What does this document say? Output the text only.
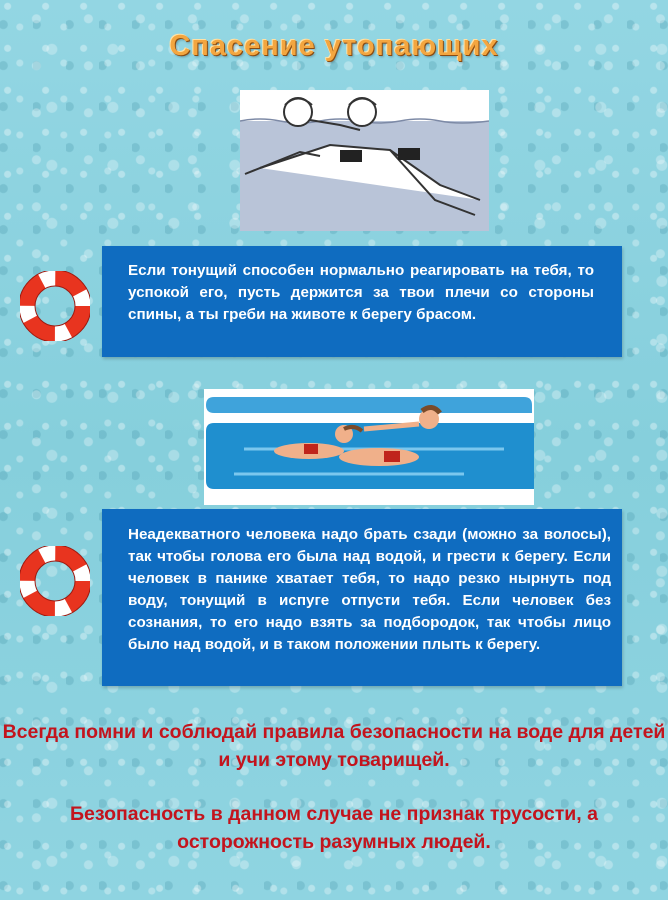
Спасение утопающих
Если тонущий способен нормально реагировать на тебя, то успокой его, пусть держится за твои плечи со стороны спины, а ты греби на животе к берегу брасом.
Неадекватного человека надо брать сзади (можно за волосы), так чтобы голова его была над водой, и грести к берегу. Если человек в панике хватает тебя, то надо резко нырнуть под воду, тонущий в испуге отпусти тебя. Если человек без сознания, то его надо взять за подбородок, так чтобы лицо было над водой, и в таком положении плыть к берегу.
Всегда помни и соблюдай правила безопасности на воде для детей и учи этому товарищей.
Безопасность в данном случае не признак трусости, а осторожность разумных людей.
